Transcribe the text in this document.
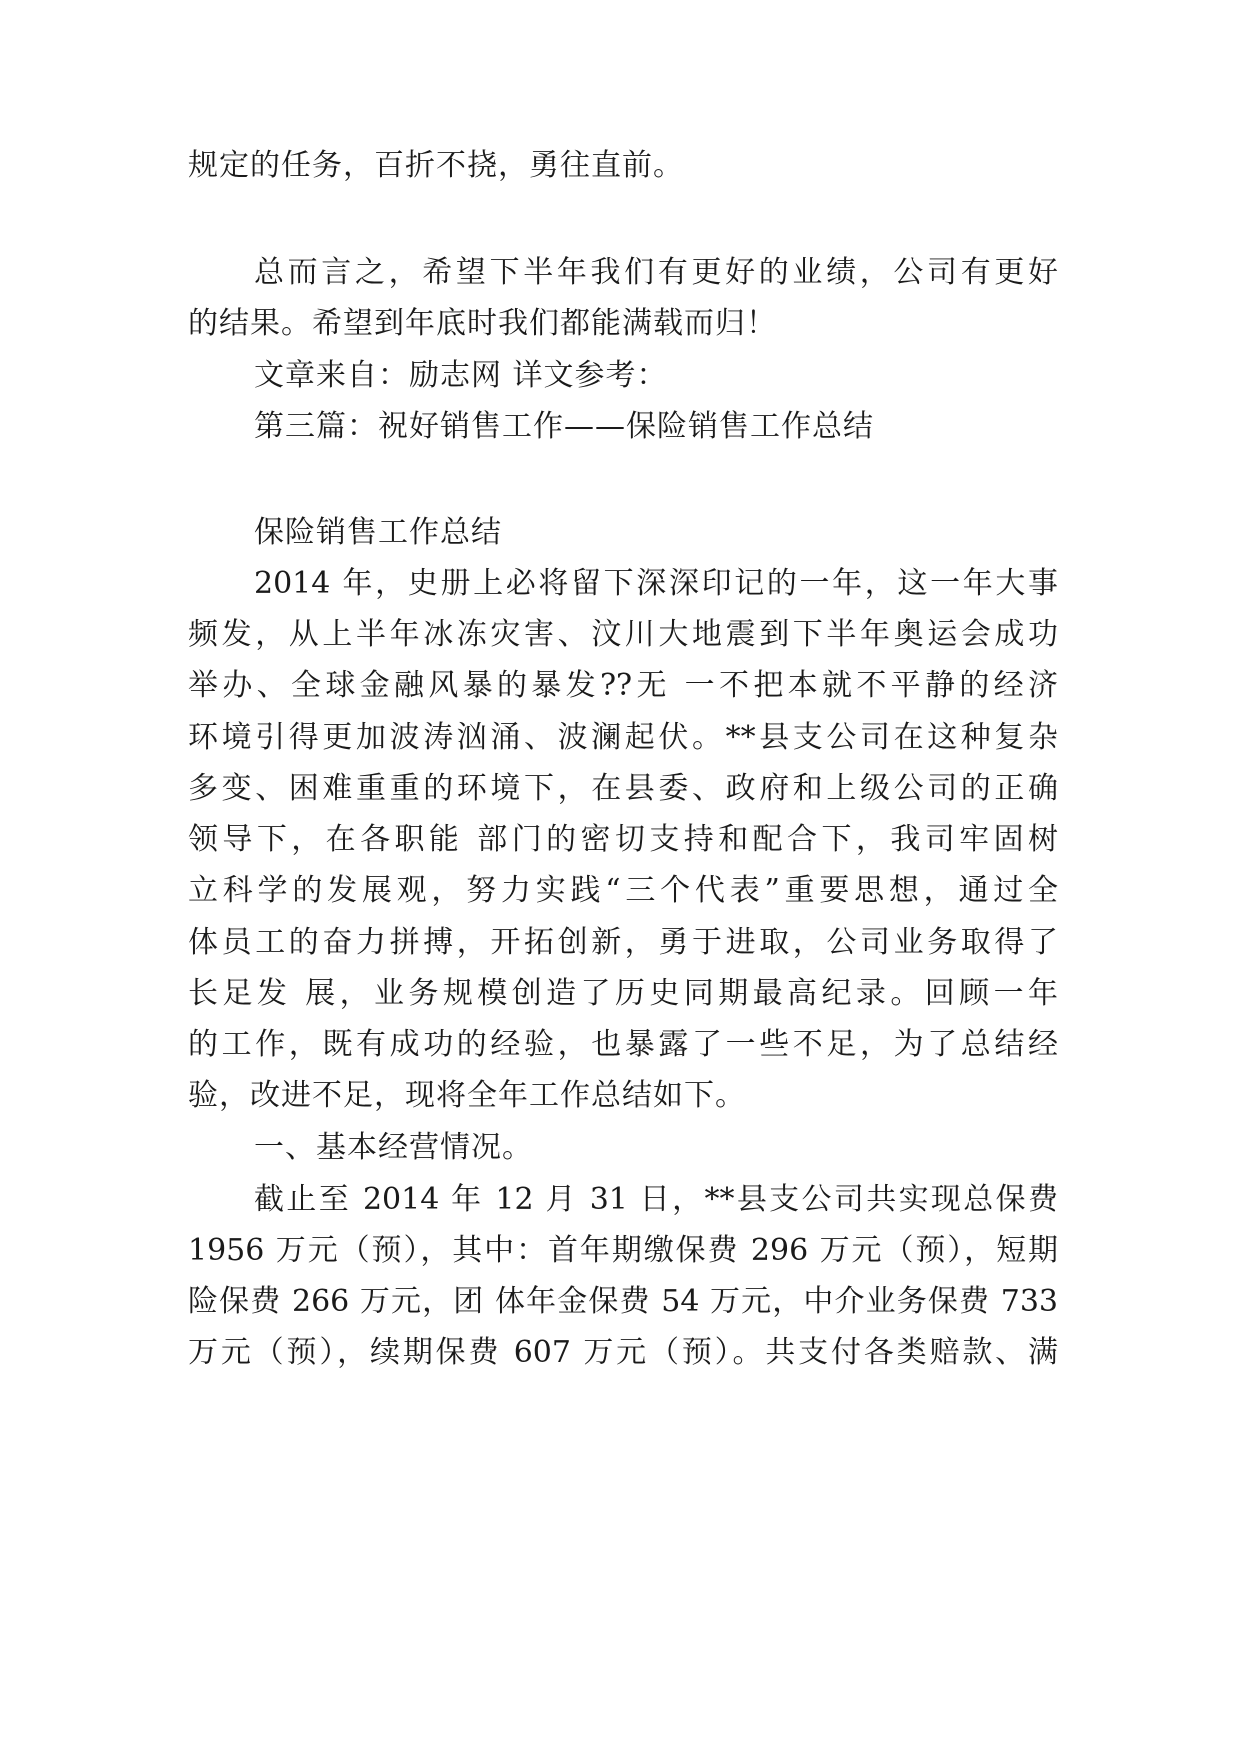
规定的任务，百折不挠，勇往直前。
总而言之，希望下半年我们有更好的业绩，公司有更好
的结果。希望到年底时我们都能满载而归！
文章来自：励志网 详文参考：
第三篇：祝好销售工作——保险销售工作总结
保险销售工作总结
2014 年，史册上必将留下深深印记的一年，这一年大事
频发，从上半年冰冻灾害、汶川大地震到下半年奥运会成功
举办、全球金融风暴的暴发??无 一不把本就不平静的经济
环境引得更加波涛汹涌、波澜起伏。**县支公司在这种复杂
多变、困难重重的环境下，在县委、政府和上级公司的正确
领导下，在各职能 部门的密切支持和配合下，我司牢固树
立科学的发展观，努力实践“三个代表”重要思想，通过全
体员工的奋力拼搏，开拓创新，勇于进取，公司业务取得了
长足发 展，业务规模创造了历史同期最高纪录。回顾一年
的工作，既有成功的经验，也暴露了一些不足，为了总结经
验，改进不足，现将全年工作总结如下。
一、基本经营情况。
截止至 2014 年 12 月 31 日，**县支公司共实现总保费
1956 万元（预），其中：首年期缴保费 296 万元（预），短期
险保费 266 万元，团 体年金保费 54 万元，中介业务保费 733
万元（预），续期保费 607 万元（预）。共支付各类赔款、满
